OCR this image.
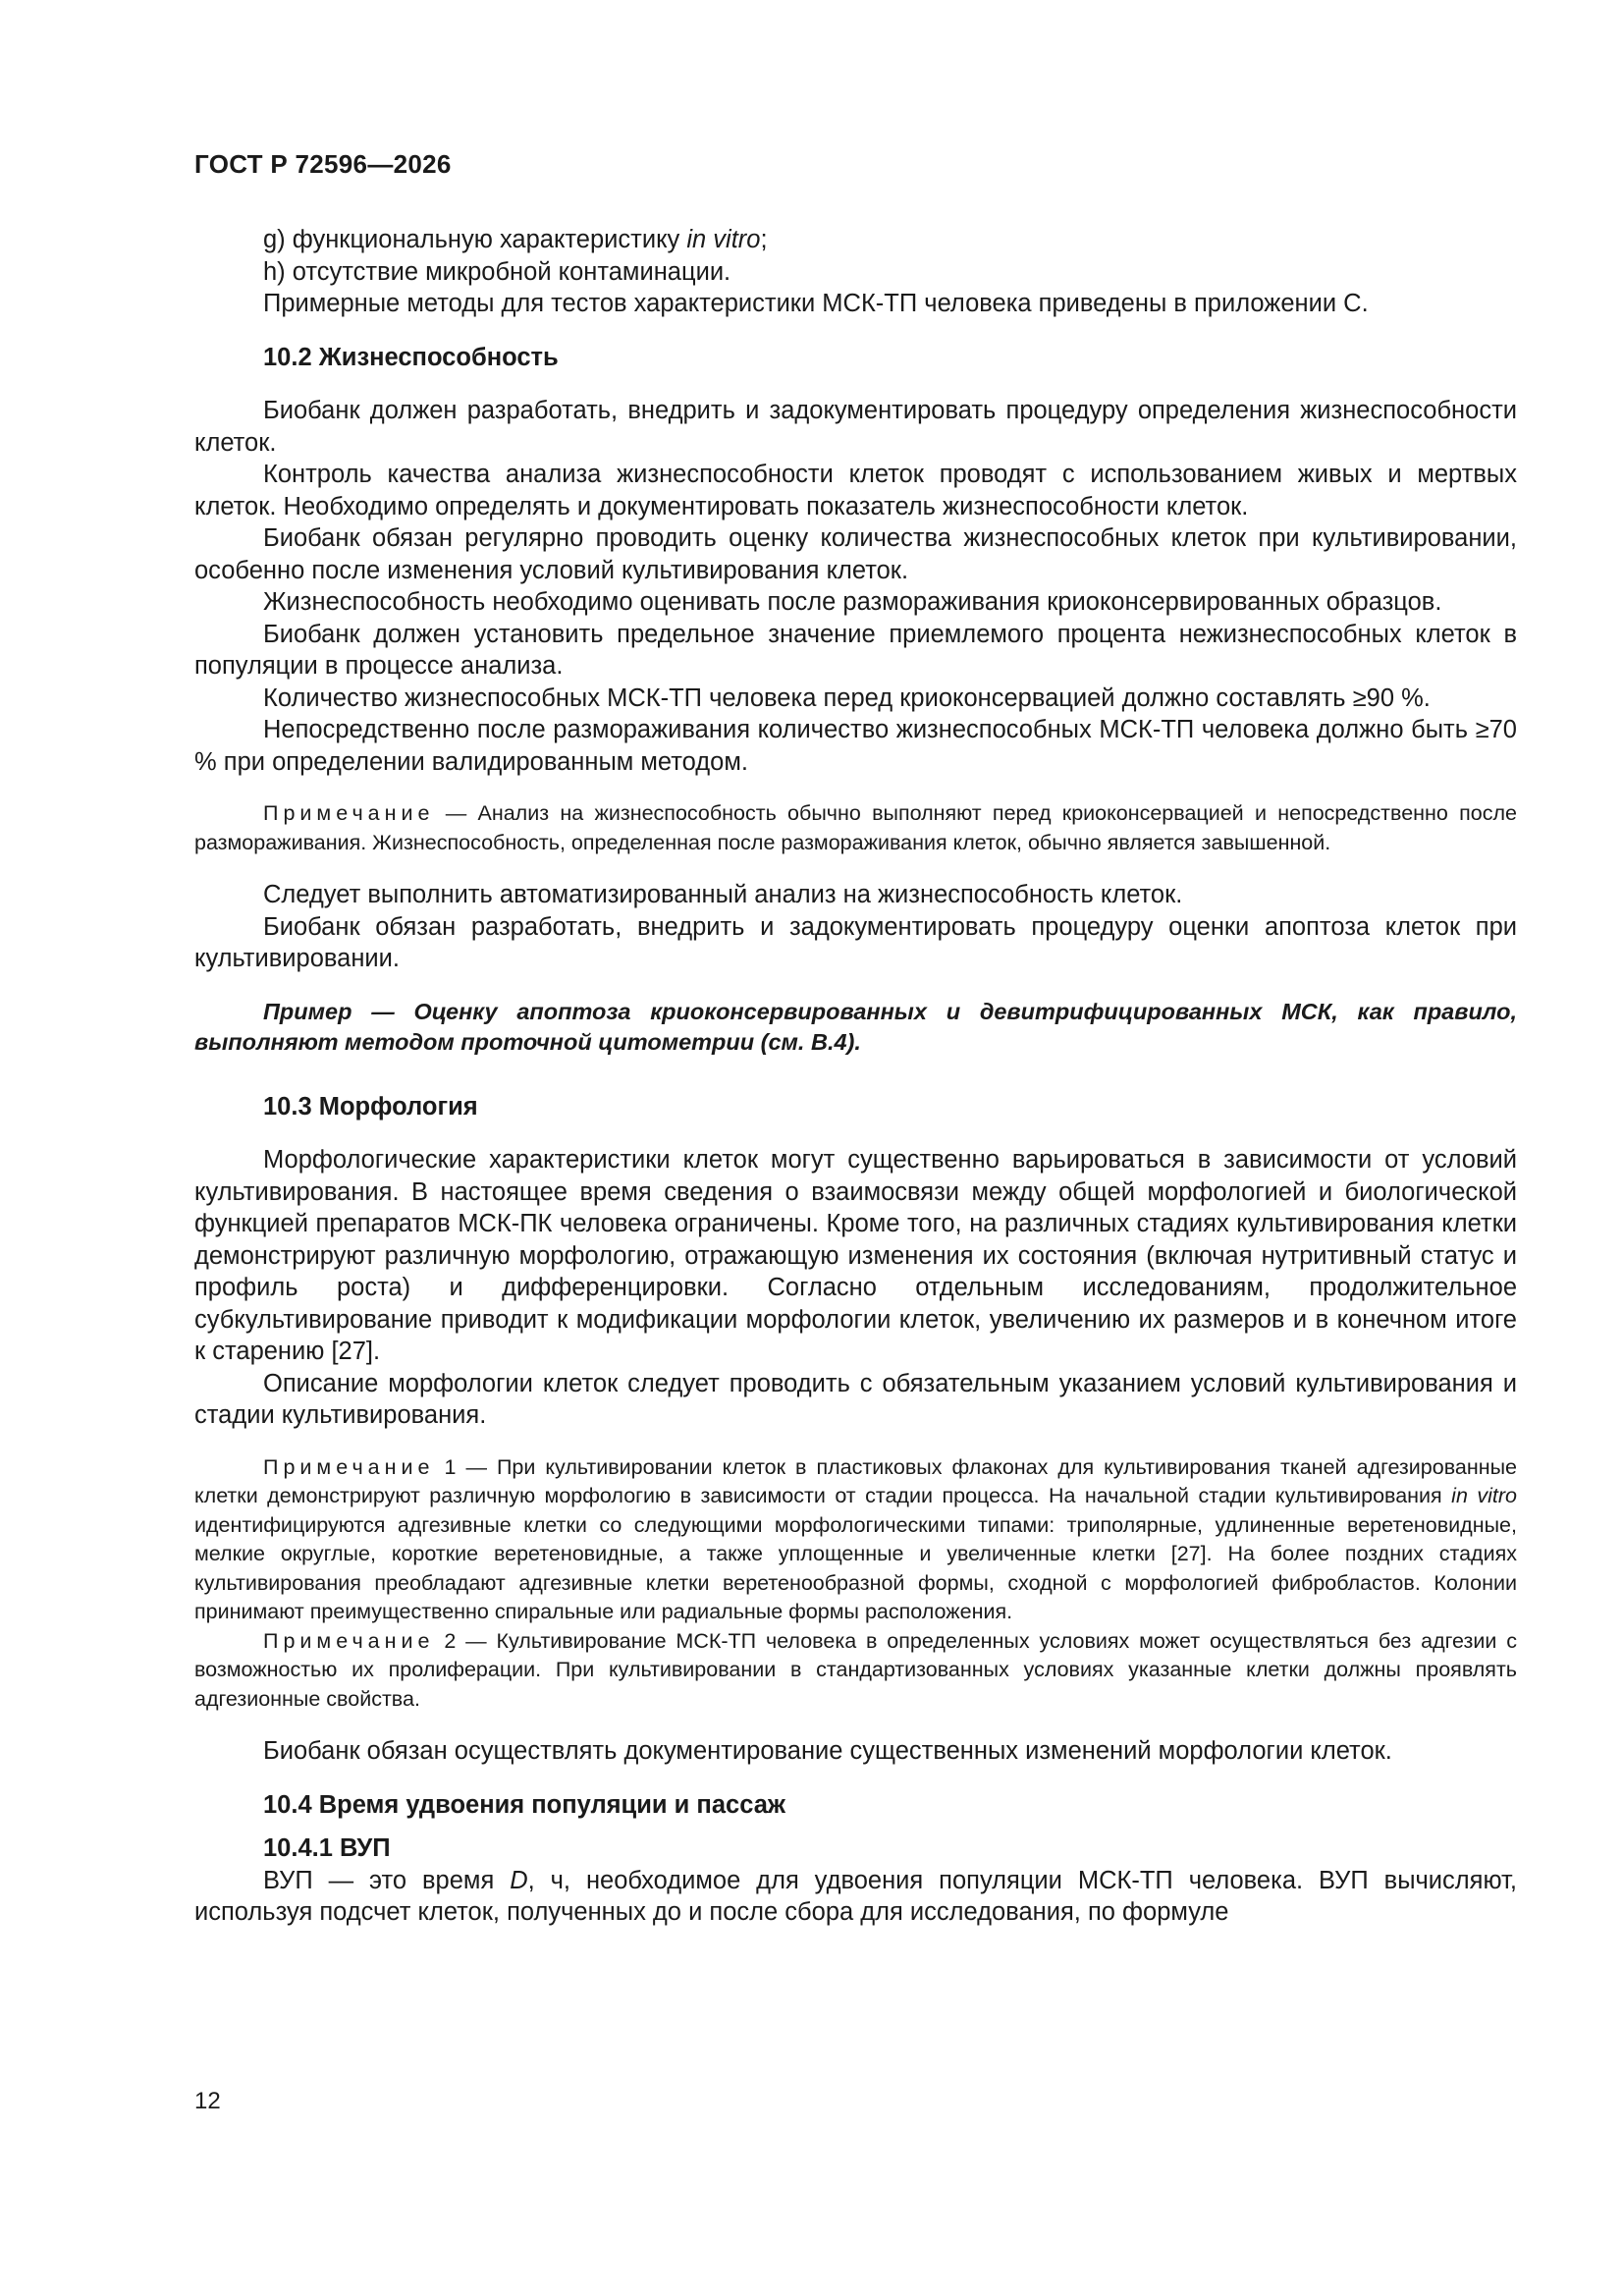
ГОСТ Р 72596—2026

g) функциональную характеристику in vitro;

h) отсутствие микробной контаминации.

Примерные методы для тестов характеристики МСК-ТП человека приведены в приложении С.

10.2 Жизнеспособность

Биобанк должен разработать, внедрить и задокументировать процедуру определения жизнеспособности клеток.

Контроль качества анализа жизнеспособности клеток проводят с использованием живых и мертвых клеток. Необходимо определять и документировать показатель жизнеспособности клеток.

Биобанк обязан регулярно проводить оценку количества жизнеспособных клеток при культивировании, особенно после изменения условий культивирования клеток.

Жизнеспособность необходимо оценивать после размораживания криоконсервированных образцов.

Биобанк должен установить предельное значение приемлемого процента нежизнеспособных клеток в популяции в процессе анализа.

Количество жизнеспособных МСК-ТП человека перед криоконсервацией должно составлять ≥90 %.

Непосредственно после размораживания количество жизнеспособных МСК-ТП человека должно быть ≥70 % при определении валидированным методом.

Примечание — Анализ на жизнеспособность обычно выполняют перед криоконсервацией и непосредственно после размораживания. Жизнеспособность, определенная после размораживания клеток, обычно является завышенной.

Следует выполнить автоматизированный анализ на жизнеспособность клеток.

Биобанк обязан разработать, внедрить и задокументировать процедуру оценки апоптоза клеток при культивировании.

Пример — Оценку апоптоза криоконсервированных и девитрифицированных МСК, как правило, выполняют методом проточной цитометрии (см. В.4).

10.3 Морфология

Морфологические характеристики клеток могут существенно варьироваться в зависимости от условий культивирования. В настоящее время сведения о взаимосвязи между общей морфологией и биологической функцией препаратов МСК-ПК человека ограничены. Кроме того, на различных стадиях культивирования клетки демонстрируют различную морфологию, отражающую изменения их состояния (включая нутритивный статус и профиль роста) и дифференцировки. Согласно отдельным исследованиям, продолжительное субкультивирование приводит к модификации морфологии клеток, увеличению их размеров и в конечном итоге к старению [27].

Описание морфологии клеток следует проводить с обязательным указанием условий культивирования и стадии культивирования.

Примечание 1 — При культивировании клеток в пластиковых флаконах для культивирования тканей адгезированные клетки демонстрируют различную морфологию в зависимости от стадии процесса. На начальной стадии культивирования in vitro идентифицируются адгезивные клетки со следующими морфологическими типами: триполярные, удлиненные веретеновидные, мелкие округлые, короткие веретеновидные, а также уплощенные и увеличенные клетки [27]. На более поздних стадиях культивирования преобладают адгезивные клетки веретенообразной формы, сходной с морфологией фибробластов. Колонии принимают преимущественно спиральные или радиальные формы расположения.

Примечание 2 — Культивирование МСК-ТП человека в определенных условиях может осуществляться без адгезии с возможностью их пролиферации. При культивировании в стандартизованных условиях указанные клетки должны проявлять адгезионные свойства.

Биобанк обязан осуществлять документирование существенных изменений морфологии клеток.

10.4 Время удвоения популяции и пассаж
10.4.1 ВУП

ВУП — это время D, ч, необходимое для удвоения популяции МСК-ТП человека. ВУП вычисляют, используя подсчет клеток, полученных до и после сбора для исследования, по формуле

12
